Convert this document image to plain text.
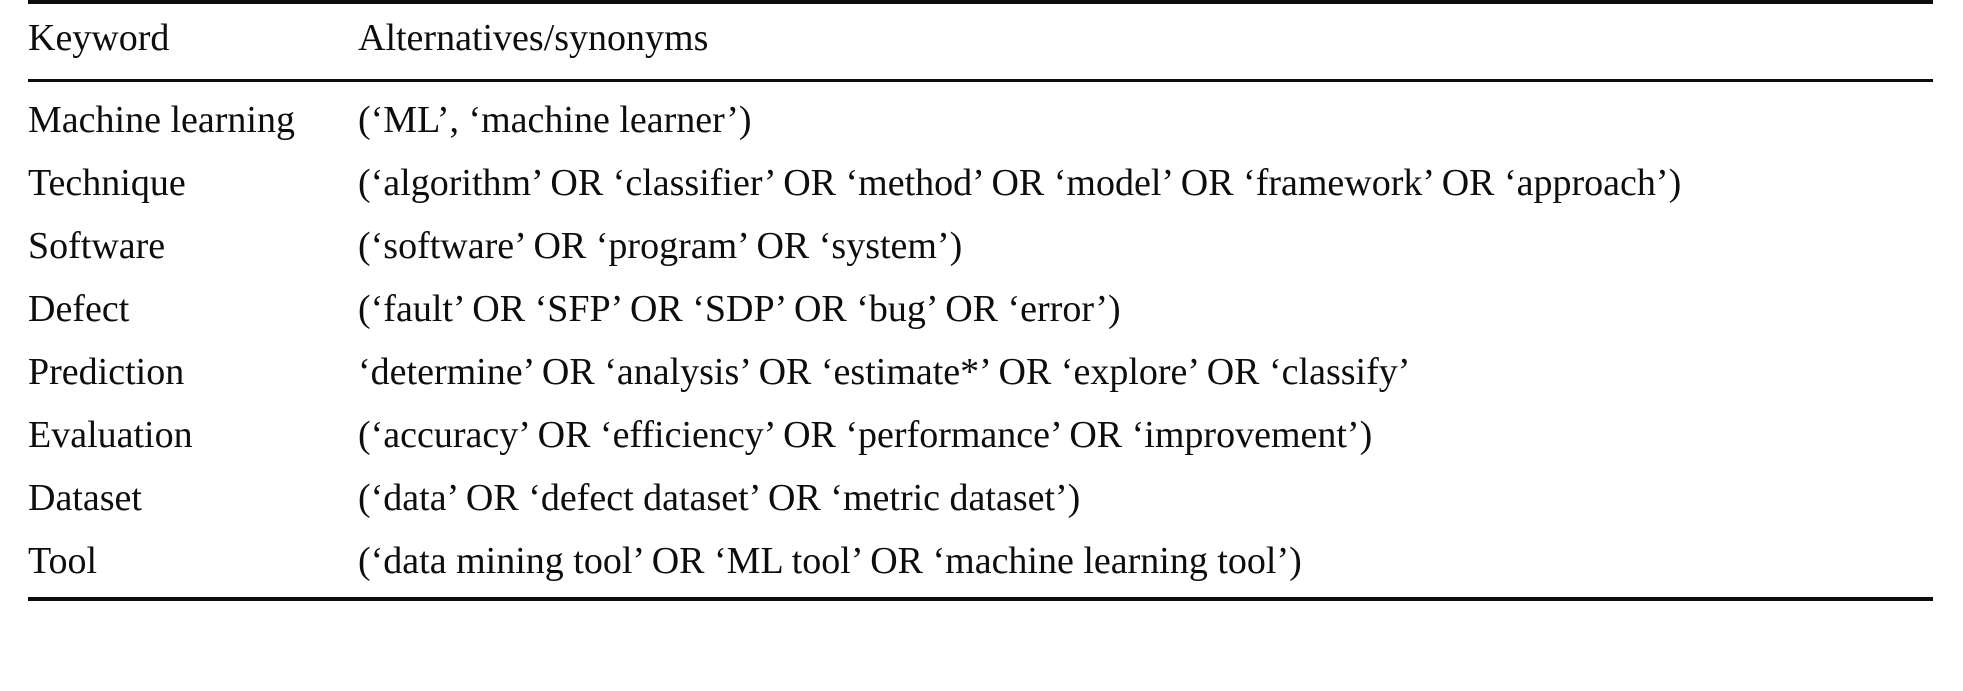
Keyword	Alternatives/synonyms
Machine learning	(‘ML’, ‘machine learner’)
Technique	(‘algorithm’ OR ‘classifier’ OR ‘method’ OR ‘model’ OR ‘framework’ OR ‘approach’)
Software	(‘software’ OR ‘program’ OR ‘system’)
Defect	(‘fault’ OR ‘SFP’ OR ‘SDP’ OR ‘bug’ OR ‘error’)
Prediction	‘determine’ OR ‘analysis’ OR ‘estimate*’ OR ‘explore’ OR ‘classify’
Evaluation	(‘accuracy’ OR ‘efficiency’ OR ‘performance’ OR ‘improvement’)
Dataset	(‘data’ OR ‘defect dataset’ OR ‘metric dataset’)
Tool	(‘data mining tool’ OR ‘ML tool’ OR ‘machine learning tool’)
